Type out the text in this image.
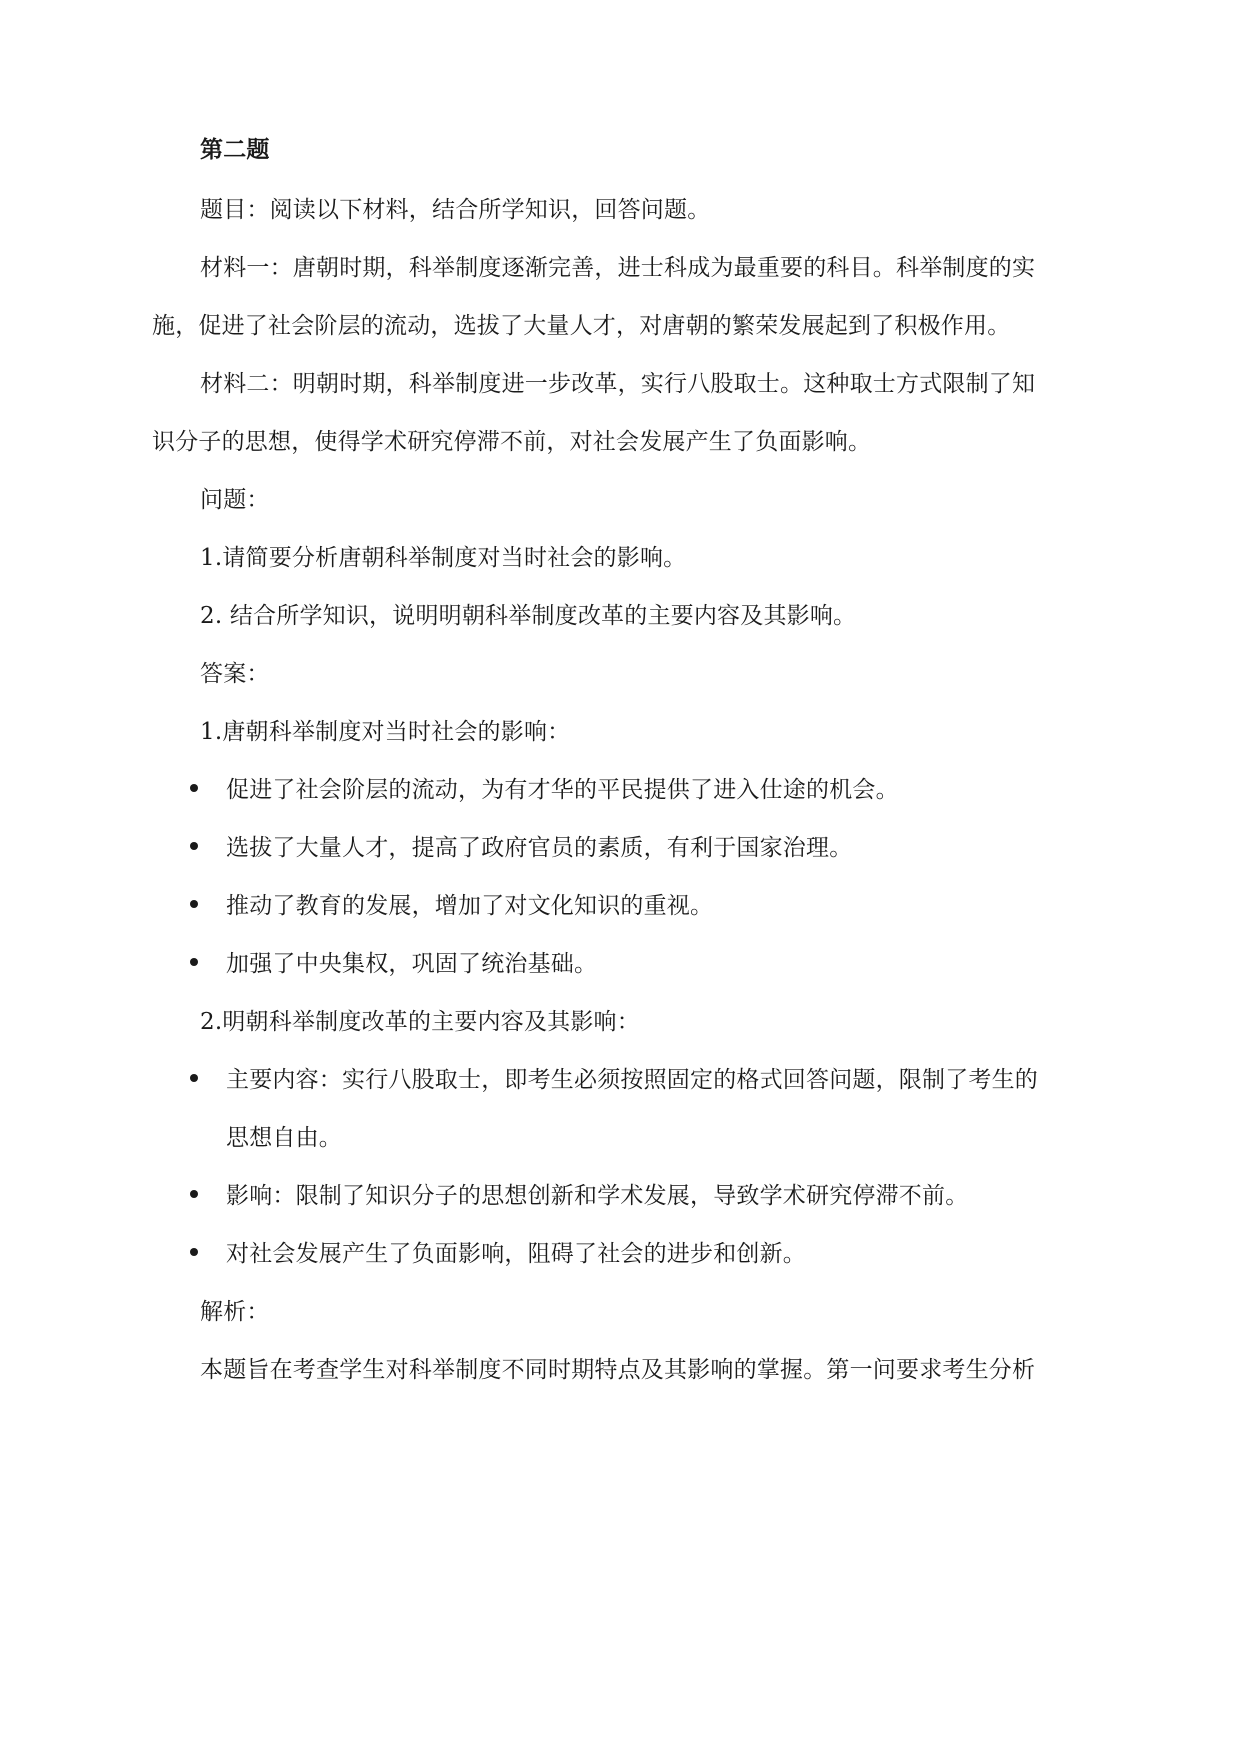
第二题
题目：阅读以下材料，结合所学知识，回答问题。
材料一：唐朝时期，科举制度逐渐完善，进士科成为最重要的科目。科举制度的实
施，促进了社会阶层的流动，选拔了大量人才，对唐朝的繁荣发展起到了积极作用。
材料二：明朝时期，科举制度进一步改革，实行八股取士。这种取士方式限制了知
识分子的思想，使得学术研究停滞不前，对社会发展产生了负面影响。
问题：
1.请简要分析唐朝科举制度对当时社会的影响。
2. 结合所学知识，说明明朝科举制度改革的主要内容及其影响。
答案：
1.唐朝科举制度对当时社会的影响：
促进了社会阶层的流动，为有才华的平民提供了进入仕途的机会。
选拔了大量人才，提高了政府官员的素质，有利于国家治理。
推动了教育的发展，增加了对文化知识的重视。
加强了中央集权，巩固了统治基础。
2.明朝科举制度改革的主要内容及其影响：
主要内容：实行八股取士，即考生必须按照固定的格式回答问题，限制了考生的
思想自由。
影响：限制了知识分子的思想创新和学术发展，导致学术研究停滞不前。
对社会发展产生了负面影响，阻碍了社会的进步和创新。
解析：
本题旨在考查学生对科举制度不同时期特点及其影响的掌握。第一问要求考生分析
